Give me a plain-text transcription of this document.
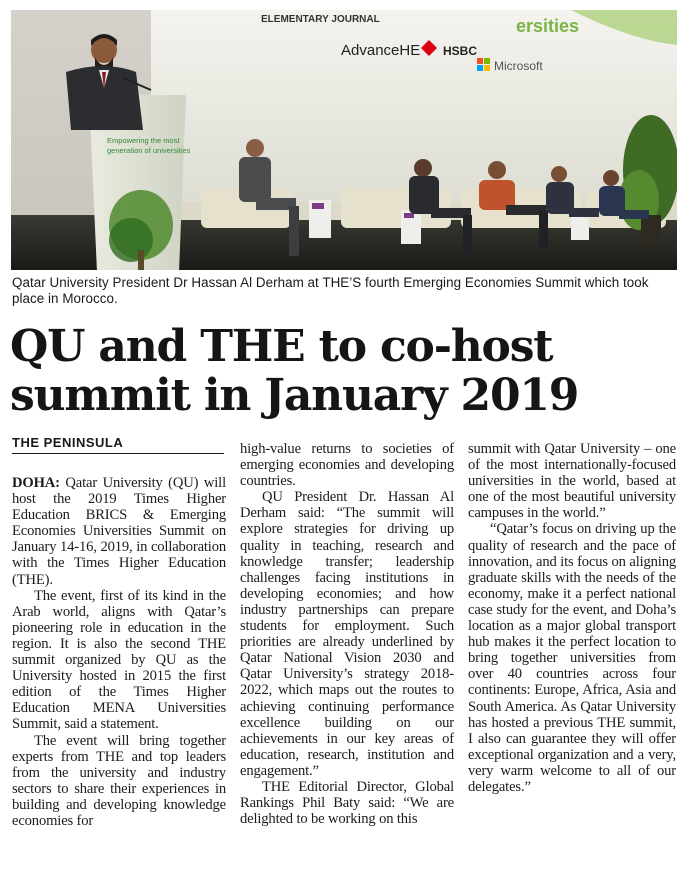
ELEMENTARY JOURNAL
AdvanceHE HSBC
Microsoft
ersities
Empowering the most generation of universities
Qatar University President Dr Hassan Al Derham at THE’S fourth Emerging Economies Summit which took place in Morocco.
QU and THE to co-host
summit in January 2019
THE PENINSULA

DOHA: Qatar University (QU) will host the 2019 Times Higher Education BRICS & Emerging Economies Universities Summit on January 14-16, 2019, in collaboration with the Times Higher Education (THE).

The event, first of its kind in the Arab world, aligns with Qatar’s pioneering role in education in the region. It is also the second THE summit organized by QU as the University hosted in 2015 the first edition of the Times Higher Education MENA Universities Summit, said a statement.

The event will bring together experts from THE and top leaders from the university and industry sectors to share their experiences in building and developing knowledge economies for

high-value returns to societies of emerging economies and developing countries.

QU President Dr. Hassan Al Derham said: “The summit will explore strategies for driving up quality in teaching, research and knowledge transfer; leadership challenges facing institutions in developing economies; and how industry partnerships can prepare students for employment. Such priorities are already underlined by Qatar National Vision 2030 and Qatar University’s strategy 2018-2022, which maps out the routes to achieving continuing performance excellence building on our achievements in our key areas of education, research, institution and engagement.”

THE Editorial Director, Global Rankings Phil Baty said: “We are delighted to be working on this

summit with Qatar University – one of the most internationally-focused universities in the world, based at one of the most beautiful university campuses in the world.”

“Qatar’s focus on driving up the quality of research and the pace of innovation, and its focus on aligning graduate skills with the needs of the economy, make it a perfect national case study for the event, and Doha’s location as a major global transport hub makes it the perfect location to bring together universities from over 40 countries across four continents: Europe, Africa, Asia and South America. As Qatar University has hosted a previous THE summit, I also can guarantee they will offer exceptional organization and a very, very warm welcome to all of our delegates.”
